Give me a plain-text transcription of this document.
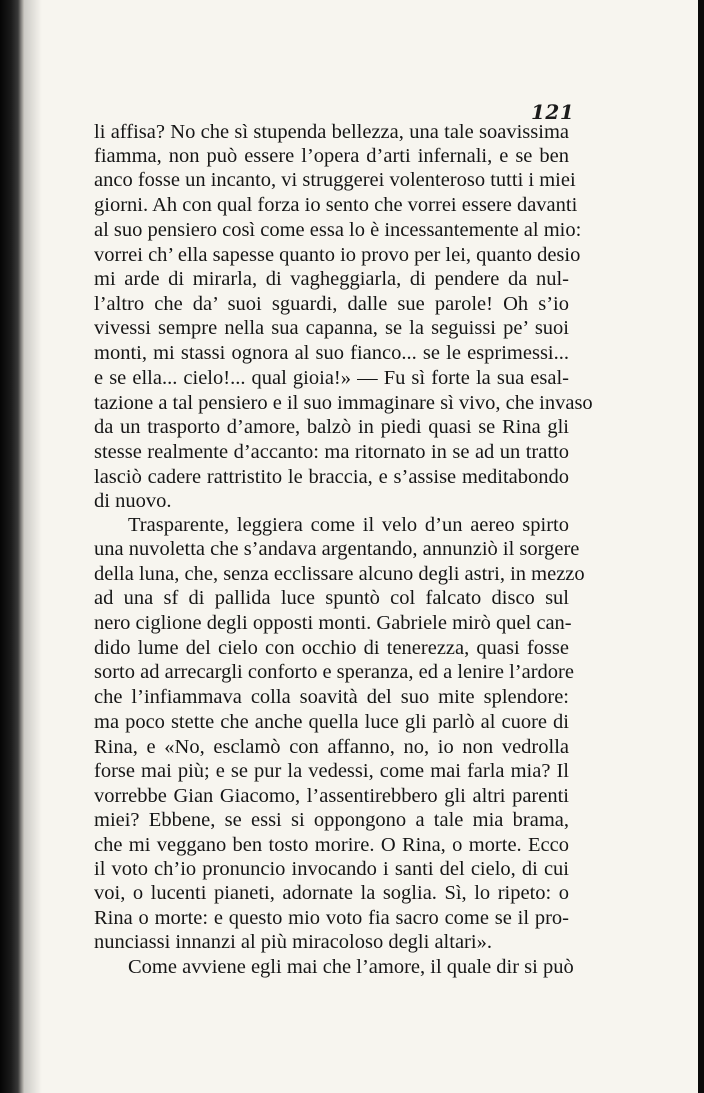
121
li affisa? No che sì stupenda bellezza, una tale soavissima
fiamma, non può essere l’opera d’arti infernali, e se ben
anco fosse un incanto, vi struggerei volenteroso tutti i miei
giorni. Ah con qual forza io sento che vorrei essere davanti
al suo pensiero così come essa lo è incessantemente al mio:
vorrei ch’ ella sapesse quanto io provo per lei, quanto desio
mi arde di mirarla, di vagheggiarla, di pendere da nul-
l’altro che da’ suoi sguardi, dalle sue parole! Oh s’io
vivessi sempre nella sua capanna, se la seguissi pe’ suoi
monti, mi stassi ognora al suo fianco... se le esprimessi...
e se ella... cielo!... qual gioia!» — Fu sì forte la sua esal-
tazione a tal pensiero e il suo immaginare sì vivo, che invaso
da un trasporto d’amore, balzò in piedi quasi se Rina gli
stesse realmente d’accanto: ma ritornato in se ad un tratto
lasciò cadere rattristito le braccia, e s’assise meditabondo
di nuovo.
Trasparente, leggiera come il velo d’un aereo spirto
una nuvoletta che s’andava argentando, annunziò il sorgere
della luna, che, senza ecclissare alcuno degli astri, in mezzo
ad una sf di pallida luce spuntò col falcato disco sul
nero ciglione degli opposti monti. Gabriele mirò quel can-
dido lume del cielo con occhio di tenerezza, quasi fosse
sorto ad arrecargli conforto e speranza, ed a lenire l’ardore
che l’infiammava colla soavità del suo mite splendore:
ma poco stette che anche quella luce gli parlò al cuore di
Rina, e «No, esclamò con affanno, no, io non vedrolla
forse mai più; e se pur la vedessi, come mai farla mia? Il
vorrebbe Gian Giacomo, l’assentirebbero gli altri parenti
miei? Ebbene, se essi si oppongono a tale mia brama,
che mi veggano ben tosto morire. O Rina, o morte. Ecco
il voto ch’io pronuncio invocando i santi del cielo, di cui
voi, o lucenti pianeti, adornate la soglia. Sì, lo ripeto: o
Rina o morte: e questo mio voto fia sacro come se il pro-
nunciassi innanzi al più miracoloso degli altari».
Come avviene egli mai che l’amore, il quale dir si può
